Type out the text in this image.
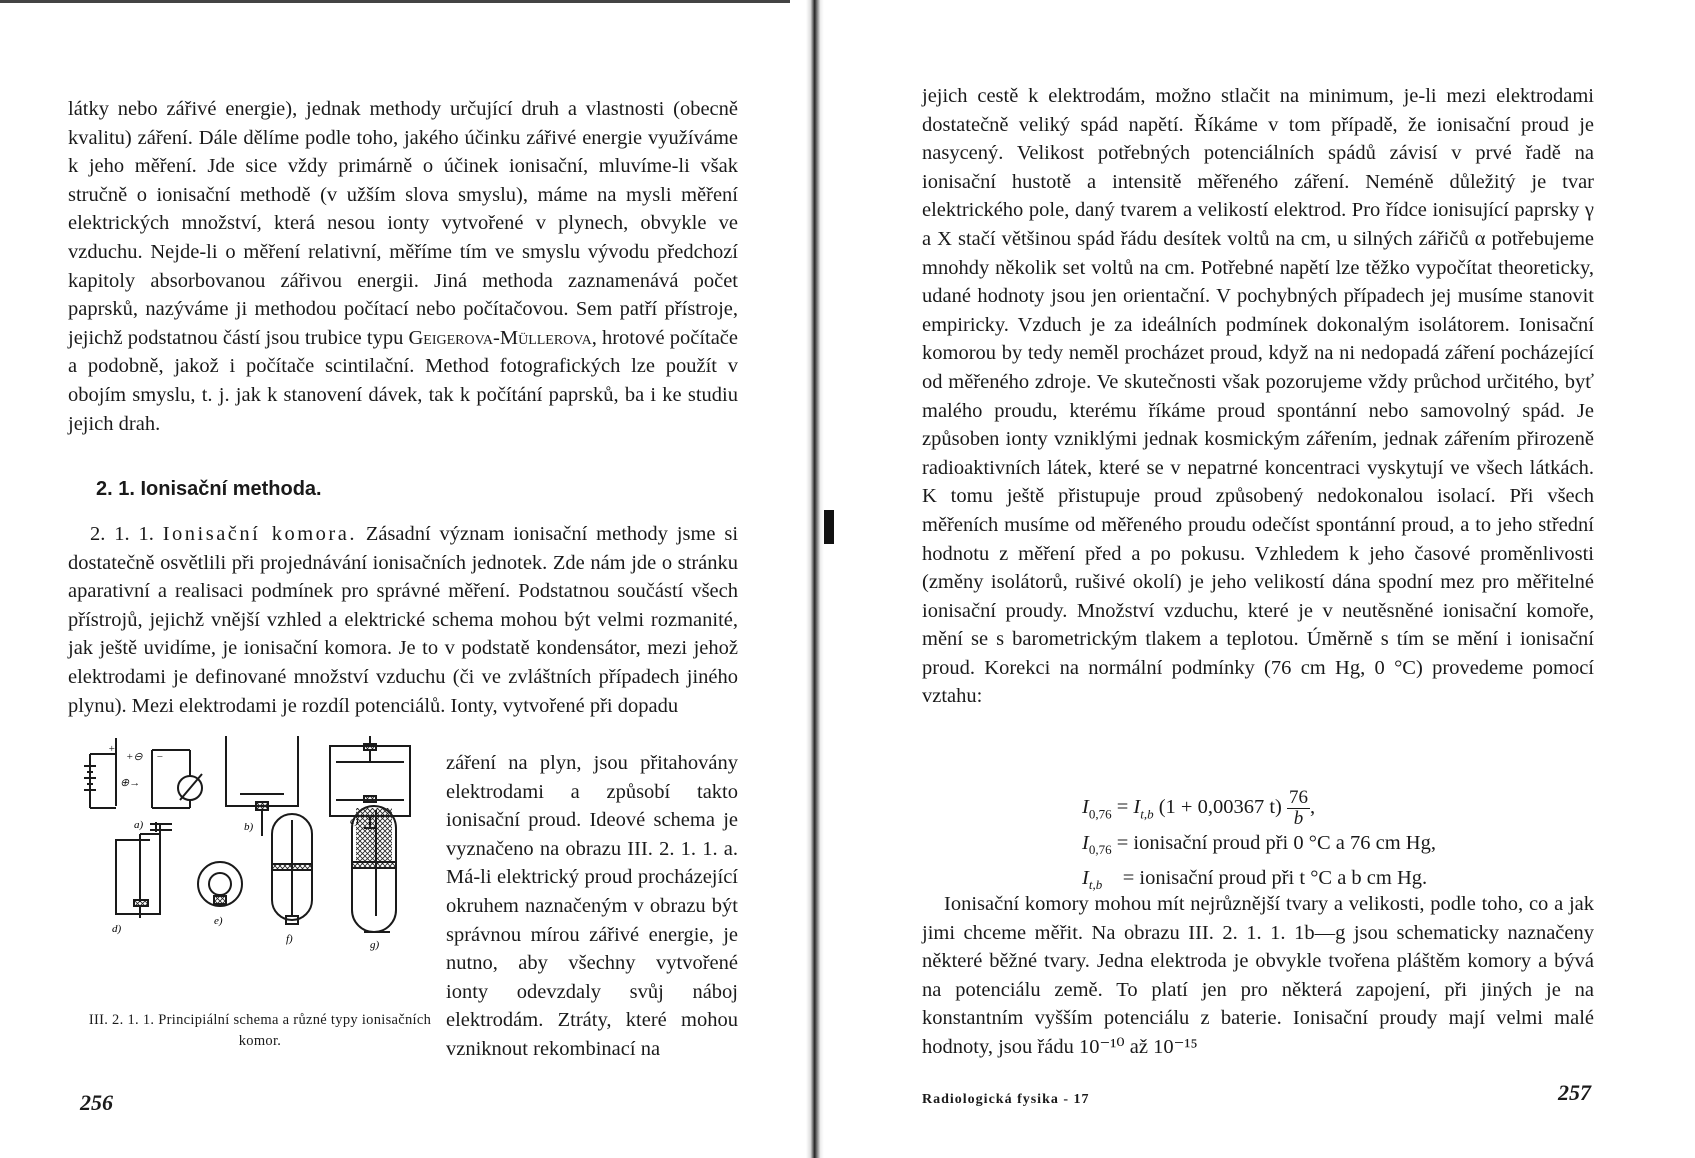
látky nebo zářivé energie), jednak methody určující druh a vlastnosti (obecně kvalitu) záření. Dále dělíme podle toho, jakého účinku zářivé energie využíváme k jeho měření. Jde sice vždy primárně o účinek ionisační, mluvíme-li však stručně o ionisační methodě (v užším slova smyslu), máme na mysli měření elektrických množství, která nesou ionty vytvořené v plynech, obvykle ve vzduchu. Nejde-li o měření relativní, měříme tím ve smyslu vývodu předchozí kapitoly absorbovanou zářivou energii. Jiná methoda zaznamenává počet paprsků, nazýváme ji methodou počítací nebo počítačovou. Sem patří přístroje, jejichž podstatnou částí jsou trubice typu Geigerova-Müllerova, hrotové počítače a podobně, jakož i počítače scintilační. Method fotografických lze použít v obojím smyslu, t. j. jak k stanovení dávek, tak k počítání paprsků, ba i ke studiu jejich drah.

2. 1. Ionisační methoda.

2. 1. 1. Ionisační komora. Zásadní význam ionisační methody jsme si dostatečně osvětlili při projednávání ionisačních jednotek. Zde nám jde o stránku aparativní a realisaci podmínek pro správné měření. Podstatnou součástí všech přístrojů, jejichž vnější vzhled a elektrické schema mohou být velmi rozmanité, jak ještě uvidíme, je ionisační komora. Je to v podstatě kondensátor, mezi jehož elektrodami je definované množství vzduchu (či ve zvláštních případech jiného plynu). Mezi elektrodami je rozdíl potenciálů. Ionty, vytvořené při dopadu

záření na plyn, jsou přitahovány elektrodami a způsobí takto ionisační proud. Ideové schema je vyznačeno na obrazu III. 2. 1. 1. a. Má-li elektrický proud procházející okruhem naznačeným v obrazu být správnou mírou zářivé energie, je nutno, aby všechny vytvořené ionty odevzdaly svůj náboj elektrodám. Ztráty, které mohou vzniknout rekombinací na

+
+⊖ −
⊕→
a)	b)	c)
d)
e)
f)	g)
III. 2. 1. 1. Principiální schema a různé typy ionisačních komor.
256

jejich cestě k elektrodám, možno stlačit na minimum, je-li mezi elektrodami dostatečně veliký spád napětí. Říkáme v tom případě, že ionisační proud je nasycený. Velikost potřebných potenciálních spádů závisí v prvé řadě na ionisační hustotě a intensitě měřeného záření. Neméně důležitý je tvar elektrického pole, daný tvarem a velikostí elektrod. Pro řídce ionisující paprsky γ a X stačí většinou spád řádu desítek voltů na cm, u silných zářičů α potřebujeme mnohdy několik set voltů na cm. Potřebné napětí lze těžko vypočítat theoreticky, udané hodnoty jsou jen orientační. V pochybných případech jej musíme stanovit empiricky. Vzduch je za ideálních podmínek dokonalým isolátorem. Ionisační komorou by tedy neměl procházet proud, když na ni nedopadá záření pocházející od měřeného zdroje. Ve skutečnosti však pozorujeme vždy průchod určitého, byť malého proudu, kterému říkáme proud spontánní nebo samovolný spád. Je způsoben ionty vzniklými jednak kosmickým zářením, jednak zářením přirozeně radioaktivních látek, které se v nepatrné koncentraci vyskytují ve všech látkách. K tomu ještě přistupuje proud způsobený nedokonalou isolací. Při všech měřeních musíme od měřeného proudu odečíst spontánní proud, a to jeho střední hodnotu z měření před a po pokusu. Vzhledem k jeho časové proměnlivosti (změny isolátorů, rušivé okolí) je jeho velikostí dána spodní mez pro měřitelné ionisační proudy. Množství vzduchu, které je v neutěsněné ionisační komoře, mění se s barometrickým tlakem a teplotou. Úměrně s tím se mění i ionisační proud. Korekci na normální podmínky (76 cm Hg, 0 °C) provedeme pomocí vztahu:

$I_{0,76} = I_{t,b}$ (1 + 0,00367 $t) \frac{76}{b}$ ,
$I_{0,76}$ = ionisační proud při 0 °C a 76 cm Hg,
$I_{t,b}$ = ionisační proud při t °C a b cm Hg.

Ionisační komory mohou mít nejrůznější tvary a velikosti, podle toho, co a jak jimi chceme měřit. Na obrazu III. 2. 1. 1. 1b—g jsou schematicky naznačeny některé běžné tvary. Jedna elektroda je obvykle tvořena pláštěm komory a bývá na potenciálu země. To platí jen pro některá zapojení, při jiných je na konstantním vyšším potenciálu z baterie. Ionisační proudy mají velmi malé hodnoty, jsou řádu 10⁻¹⁰ až 10⁻¹⁵

Radiologická fysika - 17	257
